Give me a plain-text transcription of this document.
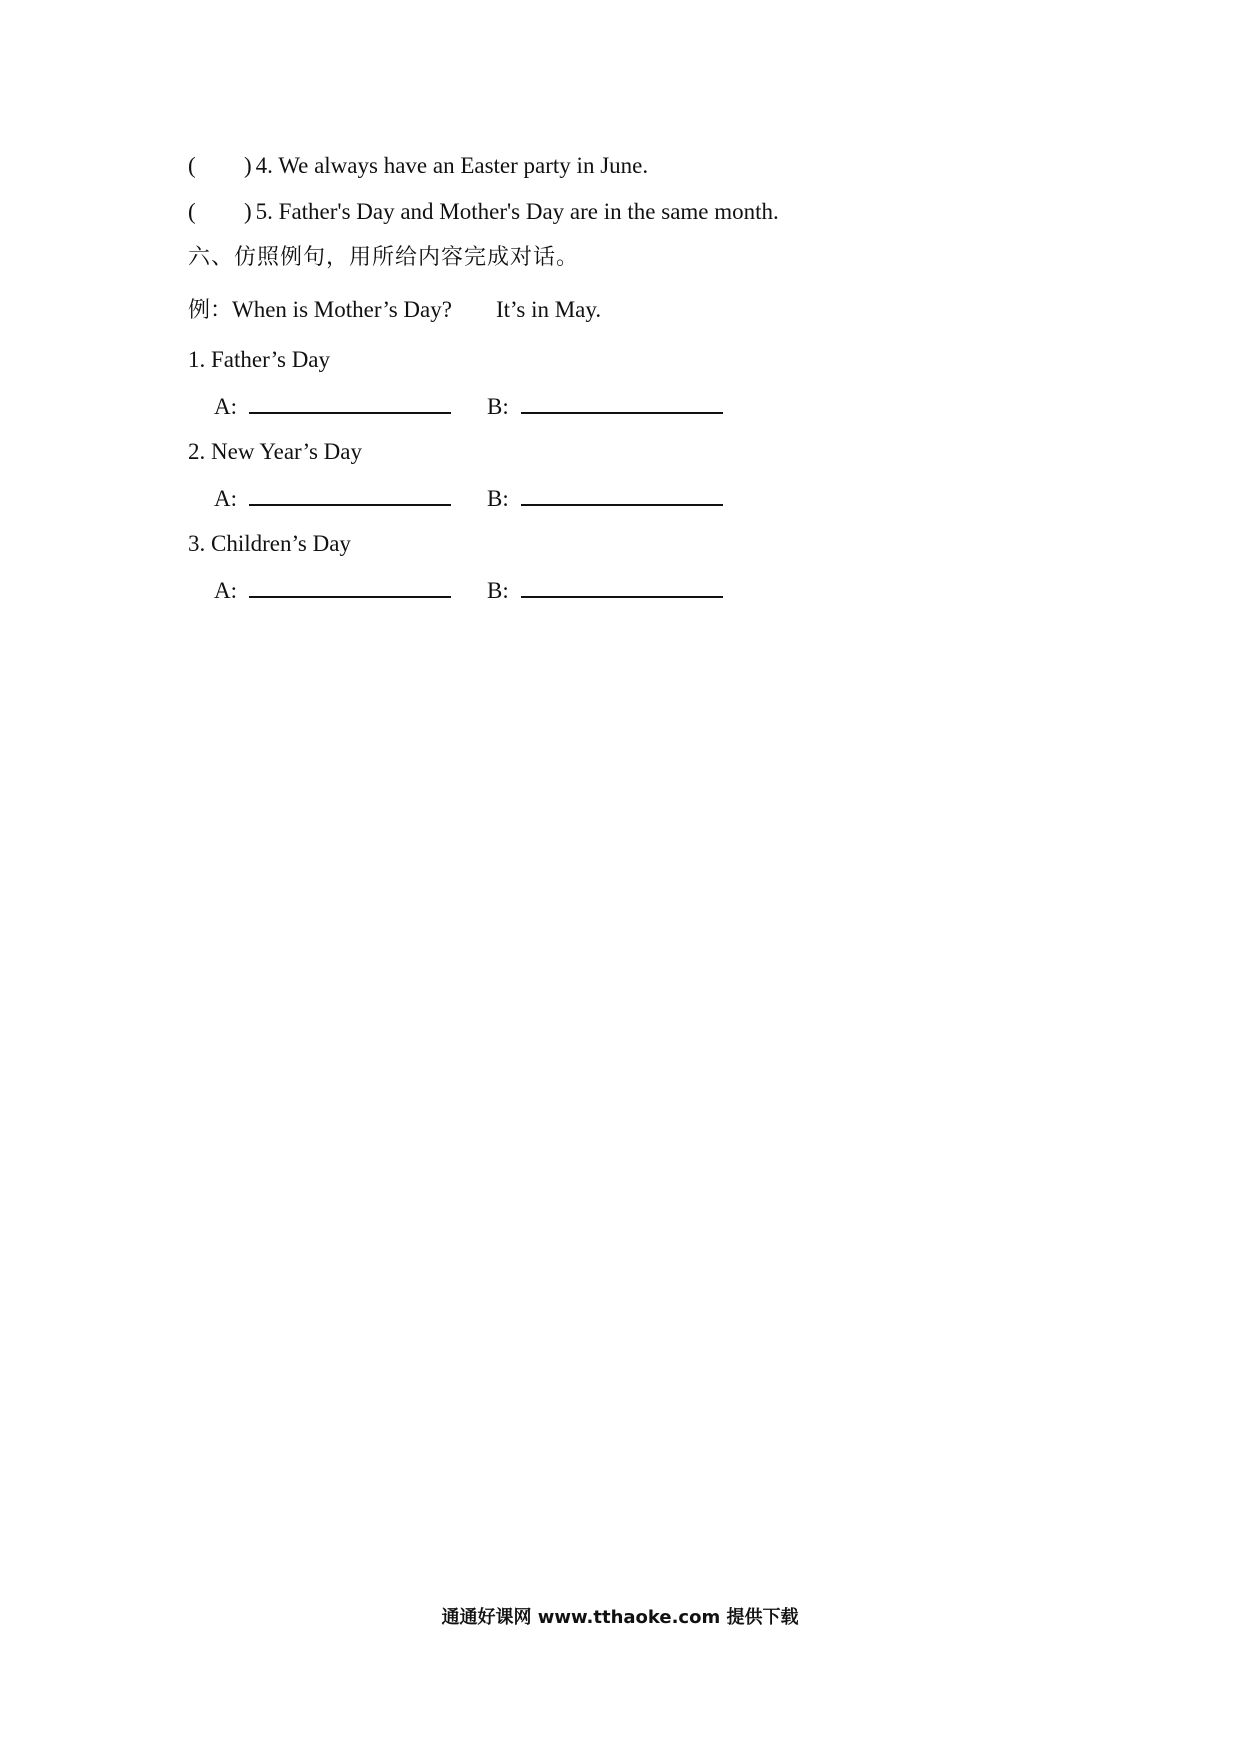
( ) 4. We always have an Easter party in June.
( ) 5. Father's Day and Mother's Day are in the same month.
六、仿照例句，用所给内容完成对话。
例：When is Mother’s Day? It’s in May.
1. Father’s Day
A:	B:
2. New Year’s Day
A:	B:
3. Children’s Day
A:	B:
通通好课网 www.tthaoke.com 提供下载
